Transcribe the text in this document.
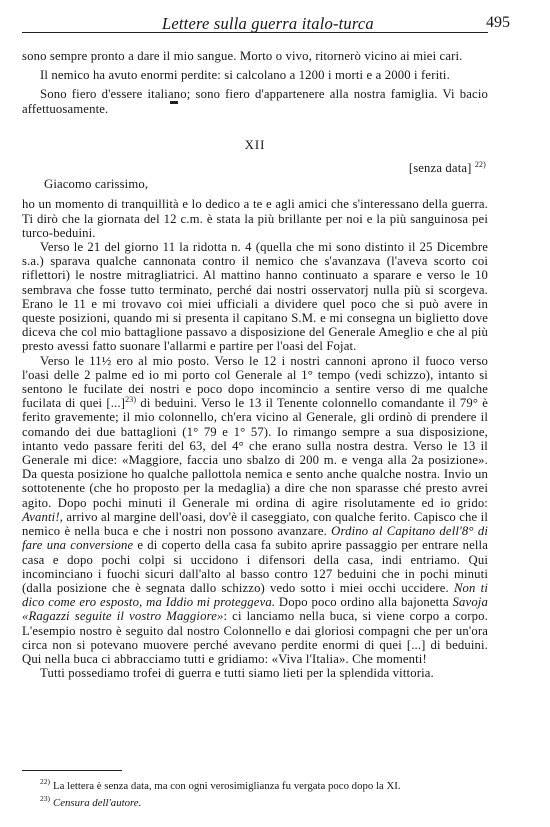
Lettere sulla guerra italo-turca	495

sono sempre pronto a dare il mio sangue. Morto o vivo, ritornerò vicino ai miei cari.

Il nemico ha avuto enormi perdite: si calcolano a 1200 i morti e a 2000 i feriti.

Sono fiero d'essere italiano; sono fiero d'appartenere alla nostra famiglia. Vi bacio affettuosamente.

XII

[senza data] $^{22)}$

Giacomo carissimo,

ho un momento di tranquillità e lo dedico a te e agli amici che s'interessano della guerra. Ti dirò che la giornata del 12 c.m. è stata la più brillante per noi e la più sanguinosa pei turco-beduini.

Verso le 21 del giorno 11 la ridotta n. 4 (quella che mi sono distinto il 25 Dicembre s.a.) sparava qualche cannonata contro il nemico che s'avanzava (l'aveva scorto coi riflettori) le nostre mitragliatrici. Al mattino hanno continuato a sparare e verso le 10 sembrava che fosse tutto terminato, perché dai nostri osservatorj nulla più si scorgeva. Erano le 11 e mi trovavo coi miei ufficiali a dividere quel poco che si può avere in queste posizioni, quando mi si presenta il capitano S.M. e mi consegna un biglietto dove diceva che col mio battaglione passavo a disposizione del Generale Ameglio e che al più presto avessi fatto suonare l'allarmi e partire per l'oasi del Fojat.

Verso le 11½ ero al mio posto. Verso le 12 i nostri cannoni aprono il fuoco verso l'oasi delle 2 palme ed io mi porto col Generale al 1° tempo (vedi schizzo), intanto si sentono le fucilate dei nostri e poco dopo incomincio a sentire verso di me qualche fucilata di quei [...]$^{23)}$ di beduini. Verso le 13 il Tenente colonnello comandante il 79° è ferito gravemente; il mio colonnello, ch'era vicino al Generale, gli ordinò di prendere il comando dei due battaglioni (1° 79 e 1° 57). Io rimango sempre a sua disposizione, intanto vedo passare feriti del 63, del 4° che erano sulla nostra destra. Verso le 13 il Generale mi dice: «Maggiore, faccia uno sbalzo di 200 m. e venga alla 2a posizione». Da questa posizione ho qualche pallottola nemica e sento anche qualche nostra. Invio un sottotenente (che ho proposto per la medaglia) a dire che non sparasse ché presto avrei agito. Dopo pochi minuti il Generale mi ordina di agire risolutamente ed io grido: Avanti!, arrivo al margine dell'oasi, dov'è il caseggiato, con qualche ferito. Capisco che il nemico è nella buca e che i nostri non possono avanzare. Ordino al Capitano dell'8° di fare una conversione e di coperto della casa fa subito aprire passaggio per entrare nella casa e dopo pochi colpi si uccidono i difensori della casa, indi entriamo. Qui incominciano i fuochi sicuri dall'alto al basso contro 127 beduini che in pochi minuti (dalla posizione che è segnata dallo schizzo) vedo sotto i miei occhi uccidere. Non ti dico come ero esposto, ma Iddio mi proteggeva. Dopo poco ordino alla bajonetta Savoja «Ragazzi seguite il vostro Maggiore»: ci lanciamo nella buca, si viene corpo a corpo. L'esempio nostro è seguito dal nostro Colonnello e dai gloriosi compagni che per un'ora circa non si potevano muovere perché avevano perdite enormi di quei [...] di beduini. Qui nella buca ci abbracciamo tutti e gridiamo: «Viva l'Italia». Che momenti!

Tutti possediamo trofei di guerra e tutti siamo lieti per la splendida vittoria.

$^{22)}$ La lettera è senza data, ma con ogni verosimiglianza fu vergata poco dopo la XI.

$^{23)}$ Censura dell'autore.
